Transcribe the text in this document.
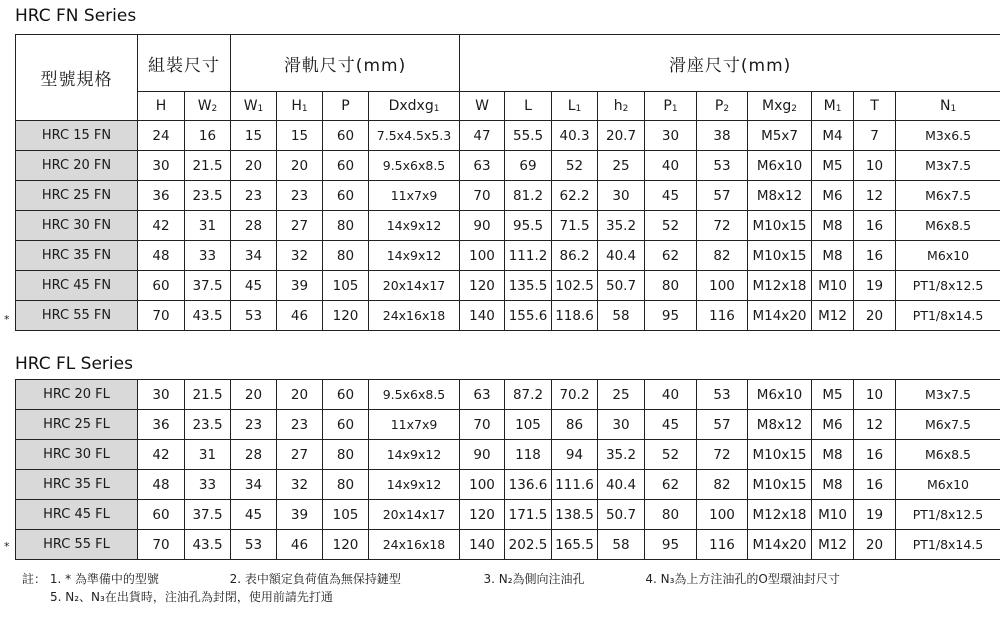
HRC FN Series
型號規格	組裝尺寸		滑軌尺寸(mm)				滑座尺寸(mm)									
	H	$W_2$	$W_1$	$H_1$	P	Dxdxg$_1$	W	L	$L_1$	$h_2$	$P_1$	$P_2$	Mxg$_2$	$M_1$	T	$N_1$
HRC 15 FN	24	16	15	15	60	7.5x4.5x5.3	47	55.5	40.3	20.7	30	38	M5x7	M4	7	M3x6.5
HRC 20 FN	30	21.5	20	20	60	9.5x6x8.5	63	69	52	25	40	53	M6x10	M5	10	M3x7.5
HRC 25 FN	36	23.5	23	23	60	11x7x9	70	81.2	62.2	30	45	57	M8x12	M6	12	M6x7.5
HRC 30 FN	42	31	28	27	80	14x9x12	90	95.5	71.5	35.2	52	72	M10x15	M8	16	M6x8.5
HRC 35 FN	48	33	34	32	80	14x9x12	100	111.2	86.2	40.4	62	82	M10x15	M8	16	M6x10
HRC 45 FN	60	37.5	45	39	105	20x14x17	120	135.5	102.5	50.7	80	100	M12x18	M10	19	PT1/8x12.5
HRC 55 FN	70	43.5	53	46	120	24x16x18	140	155.6	118.6	58	95	116	M14x20	M12	20	PT1/8x14.5
*
HRC FL Series
HRC 20 FL	30	21.5	20	20	60	9.5x6x8.5	63	87.2	70.2	25	40	53	M6x10	M5	10	M3x7.5
HRC 25 FL	36	23.5	23	23	60	11x7x9	70	105	86	30	45	57	M8x12	M6	12	M6x7.5
HRC 30 FL	42	31	28	27	80	14x9x12	90	118	94	35.2	52	72	M10x15	M8	16	M6x8.5
HRC 35 FL	48	33	34	32	80	14x9x12	100	136.6	111.6	40.4	62	82	M10x15	M8	16	M6x10
HRC 45 FL	60	37.5	45	39	105	20x14x17	120	171.5	138.5	50.7	80	100	M12x18	M10	19	PT1/8x12.5
HRC 55 FL	70	43.5	53	46	120	24x16x18	140	202.5	165.5	58	95	116	M14x20	M12	20	PT1/8x14.5
*
註： 1. * 為準備中的型號	2. 表中額定負荷值為無保持鏈型	3. N₂為側向注油孔	4. N₃為上方注油孔的O型環油封尺寸
5. N₂、N₃在出貨時，注油孔為封閉，使用前請先打通
